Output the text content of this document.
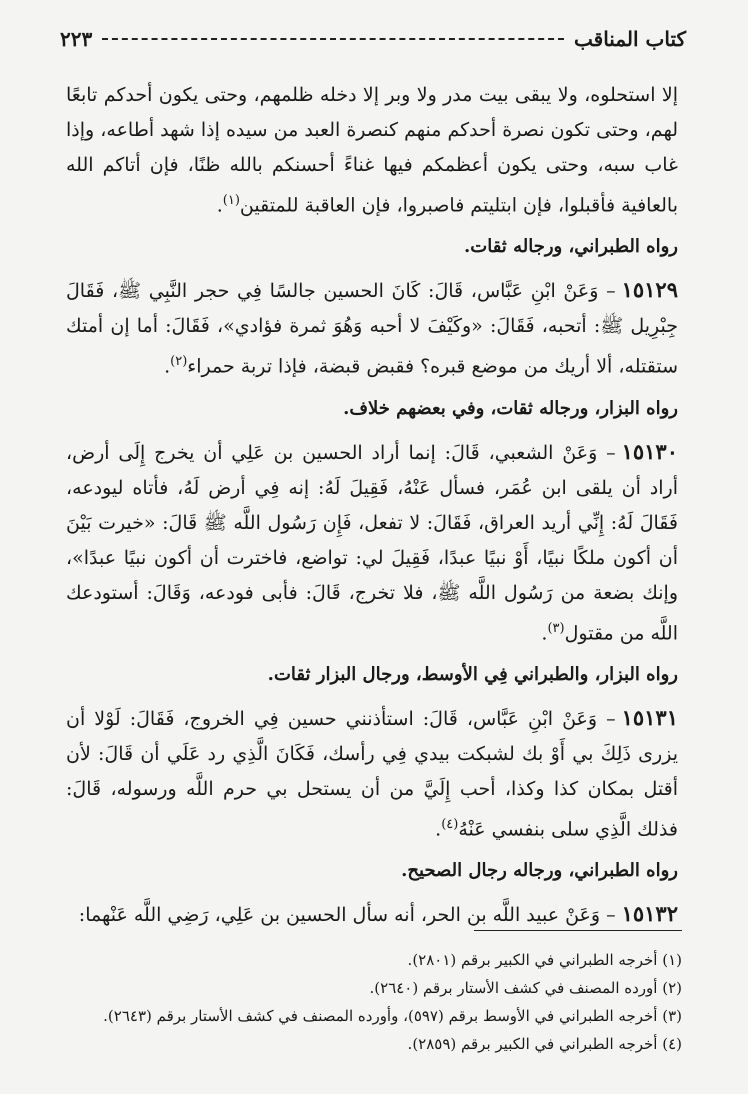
كتاب المناقب
٢٢٣

إلا استحلوه، ولا يبقى بيت مدر ولا وبر إلا دخله ظلمهم، وحتى يكون أحدكم تابعًا لهم، وحتى تكون نصرة أحدكم منهم كنصرة العبد من سيده إذا شهد أطاعه، وإذا غاب سبه، وحتى يكون أعظمكم فيها غناءً أحسنكم بالله ظنًا، فإن أتاكم الله بالعافية فأقبلوا، فإن ابتليتم فاصبروا، فإن العاقبة للمتقين$^{(١)}$.

رواه الطبراني، ورجاله ثقات.

١٥١٢٩– وَعَنْ ابْنِ عَبَّاس، قَالَ: كَانَ الحسين جالسًا فِي حجر النَّبِي ﷺ، فَقَالَ جِبْرِيل ﷺ: أتحبه، فَقَالَ: «وكَيْفَ لا أحبه وَهُوَ ثمرة فؤادي»، فَقَالَ: أما إن أمتك ستقتله، ألا أريك من موضع قبره؟ فقبض قبضة، فإذا تربة حمراء$^{(٢)}$.

رواه البزار، ورجاله ثقات، وفي بعضهم خلاف.

١٥١٣٠– وَعَنْ الشعبي، قَالَ: إنما أراد الحسين بن عَلِي أن يخرج إِلَى أرض، أراد أن يلقى ابن عُمَر، فسأل عَنْهُ، فَقِيلَ لَهُ: إنه فِي أرض لَهُ، فأتاه ليودعه، فَقَالَ لَهُ: إِنِّي أريد العراق، فَقَالَ: لا تفعل، فَإِن رَسُول اللَّه ﷺ قَالَ: «خيرت بَيْنَ أن أكون ملكًا نبيًا، أَوْ نبيًا عبدًا، فَقِيلَ لي: تواضع، فاخترت أن أكون نبيًا عبدًا»، وإنك بضعة من رَسُول اللَّه ﷺ، فلا تخرج، قَالَ: فأبى فودعه، وَقَالَ: أستودعك اللَّه من مقتول$^{(٣)}$.

رواه البزار، والطبراني فِي الأوسط، ورجال البزار ثقات.

١٥١٣١– وَعَنْ ابْنِ عَبَّاس، قَالَ: استأذنني حسين فِي الخروج، فَقَالَ: لَوْلا أن يزرى ذَلِكَ بي أَوْ بك لشبكت بيدي فِي رأسك، فَكَانَ الَّذِي رد عَلَي أن قَالَ: لأن أقتل بمكان كذا وكذا، أحب إِلَيَّ من أن يستحل بي حرم اللَّه ورسوله، قَالَ: فذلك الَّذِي سلى بنفسي عَنْهُ$^{(٤)}$.

رواه الطبراني، ورجاله رجال الصحيح.

١٥١٣٢– وَعَنْ عبيد اللَّه بن الحر، أنه سأل الحسين بن عَلِي، رَضِي اللَّه عَنْهما:

(١) أخرجه الطبراني في الكبير برقم (٢٨٠١).

(٢) أورده المصنف في كشف الأستار برقم (٢٦٤٠).

(٣) أخرجه الطبراني في الأوسط برقم (٥٩٧)، وأورده المصنف في كشف الأستار برقم (٢٦٤٣).

(٤) أخرجه الطبراني في الكبير برقم (٢٨٥٩).
